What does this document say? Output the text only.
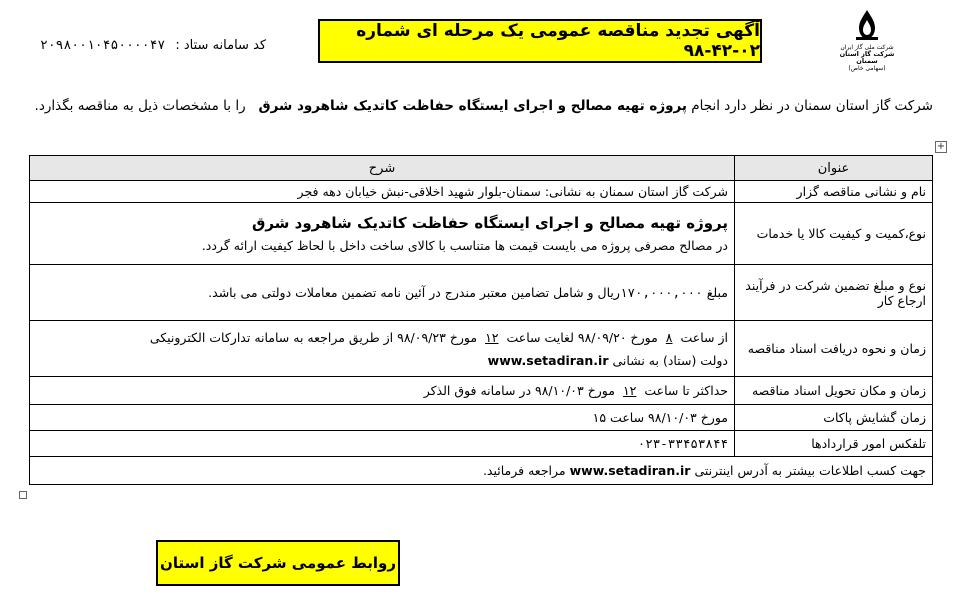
آگهی تجدید مناقصه عمومی یک مرحله ای شماره ۰۲-۴۲-۹۸
کد سامانه ستاد : ۲۰۹۸۰۰۱۰۴۵۰۰۰۰۴۷	شرکت ملی گاز ایران
شرکت گاز استان سمنان
(سهامی خاص)
شرکت گاز استان سمنان در نظر دارد انجام پروژه تهیه مصالح و اجرای ایستگاه حفاظت کاتدیک شاهرود شرق   را با مشخصات ذیل به مناقصه بگذارد.
+
عنوان	شرح
نام و نشانی مناقصه گزار	شرکت گاز استان سمنان به نشانی: سمنان-بلوار شهید اخلاقی-نبش خیابان دهه فجر
نوع،کمیت و کیفیت کالا یا خدمات	پروژه تهیه مصالح و اجرای ایستگاه حفاظت کاتدیک شاهرود شرق
در مصالح مصرفی پروژه می بایست قیمت ها متناسب با کالای ساخت داخل با لحاظ کیفیت ارائه گردد.

نوع و مبلغ تضمین شرکت در فرآیند ارجاع کار	مبلغ ۱۷۰,۰۰۰,۰۰۰ریال و شامل تضامین معتبر مندرج در آئین نامه تضمین معاملات دولتی می باشد.
زمان و نحوه دریافت اسناد مناقصه	از ساعت ۸ مورخ ۹۸/۰۹/۲۰ لغایت ساعت ۱۲ مورخ ۹۸/۰۹/۲۳ از طریق مراجعه به سامانه تدارکات الکترونیکی
دولت (ستاد) به نشانی www.setadiran.ir

زمان و مکان تحویل اسناد مناقصه	حداکثر تا ساعت ۱۲ مورخ ۹۸/۱۰/۰۳ در سامانه فوق الذکر
زمان گشایش پاکات	مورخ ۹۸/۱۰/۰۳ ساعت ۱۵
تلفکس امور قراردادها	۰۲۳-۳۳۴۵۳۸۴۴
جهت کسب اطلاعات بیشتر به آدرس اینترنتی www.setadiran.ir مراجعه فرمائید.	
روابط عمومی شرکت گاز استان
